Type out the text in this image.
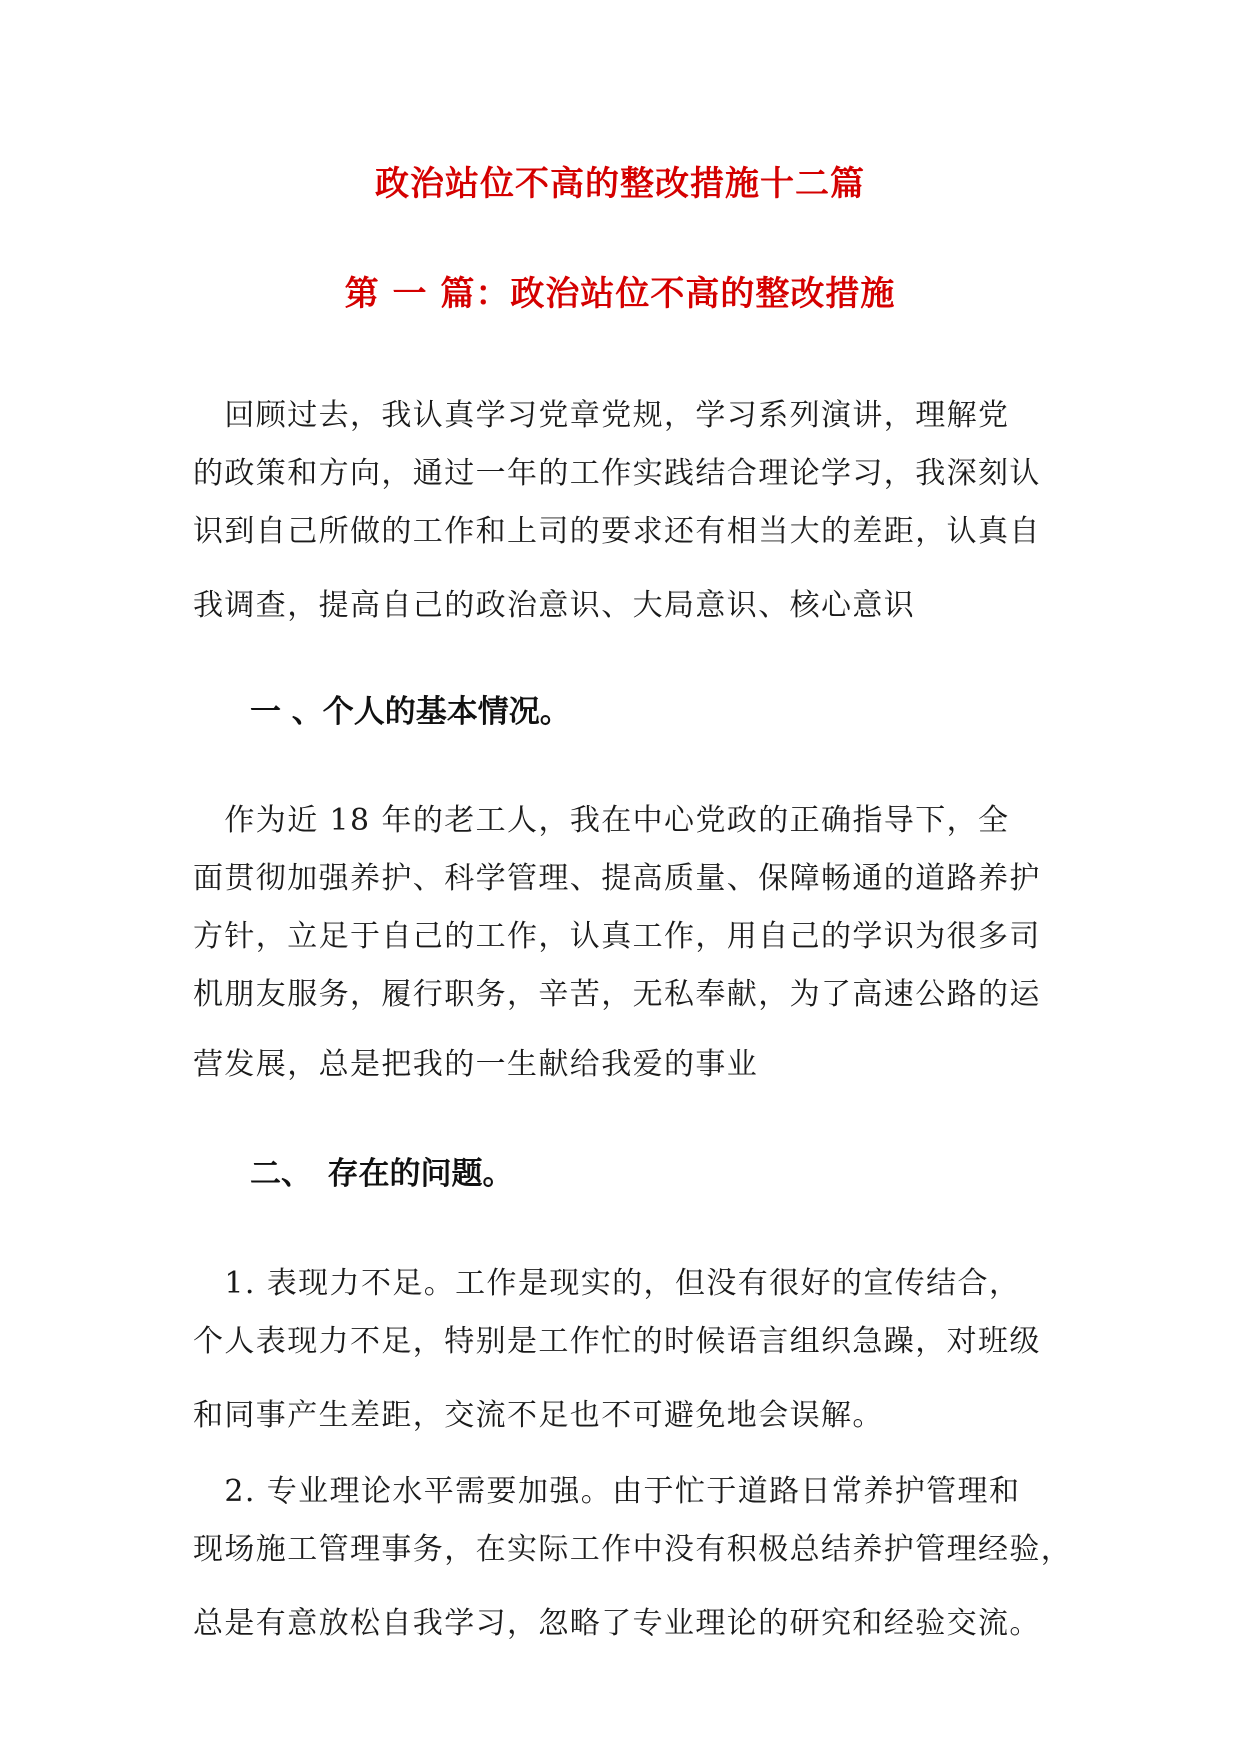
政治站位不高的整改措施十二篇
第 一 篇：政治站位不高的整改措施
　回顾过去，我认真学习党章党规，学习系列演讲，理解党
的政策和方向，通过一年的工作实践结合理论学习，我深刻认
识到自己所做的工作和上司的要求还有相当大的差距，认真自
我调查，提高自己的政治意识、大局意识、核心意识
一 、个人的基本情况。
　作为近 18 年的老工人，我在中心党政的正确指导下，全
面贯彻加强养护、科学管理、提高质量、保障畅通的道路养护
方针，立足于自己的工作，认真工作，用自己的学识为很多司
机朋友服务，履行职务，辛苦，无私奉献，为了高速公路的运
营发展，总是把我的一生献给我爱的事业
二、　存在的问题。
　1. 表现力不足。工作是现实的，但没有很好的宣传结合，
个人表现力不足，特别是工作忙的时候语言组织急躁，对班级
和同事产生差距，交流不足也不可避免地会误解。
　2. 专业理论水平需要加强。由于忙于道路日常养护管理和
现场施工管理事务，在实际工作中没有积极总结养护管理经验，
总是有意放松自我学习，忽略了专业理论的研究和经验交流。
